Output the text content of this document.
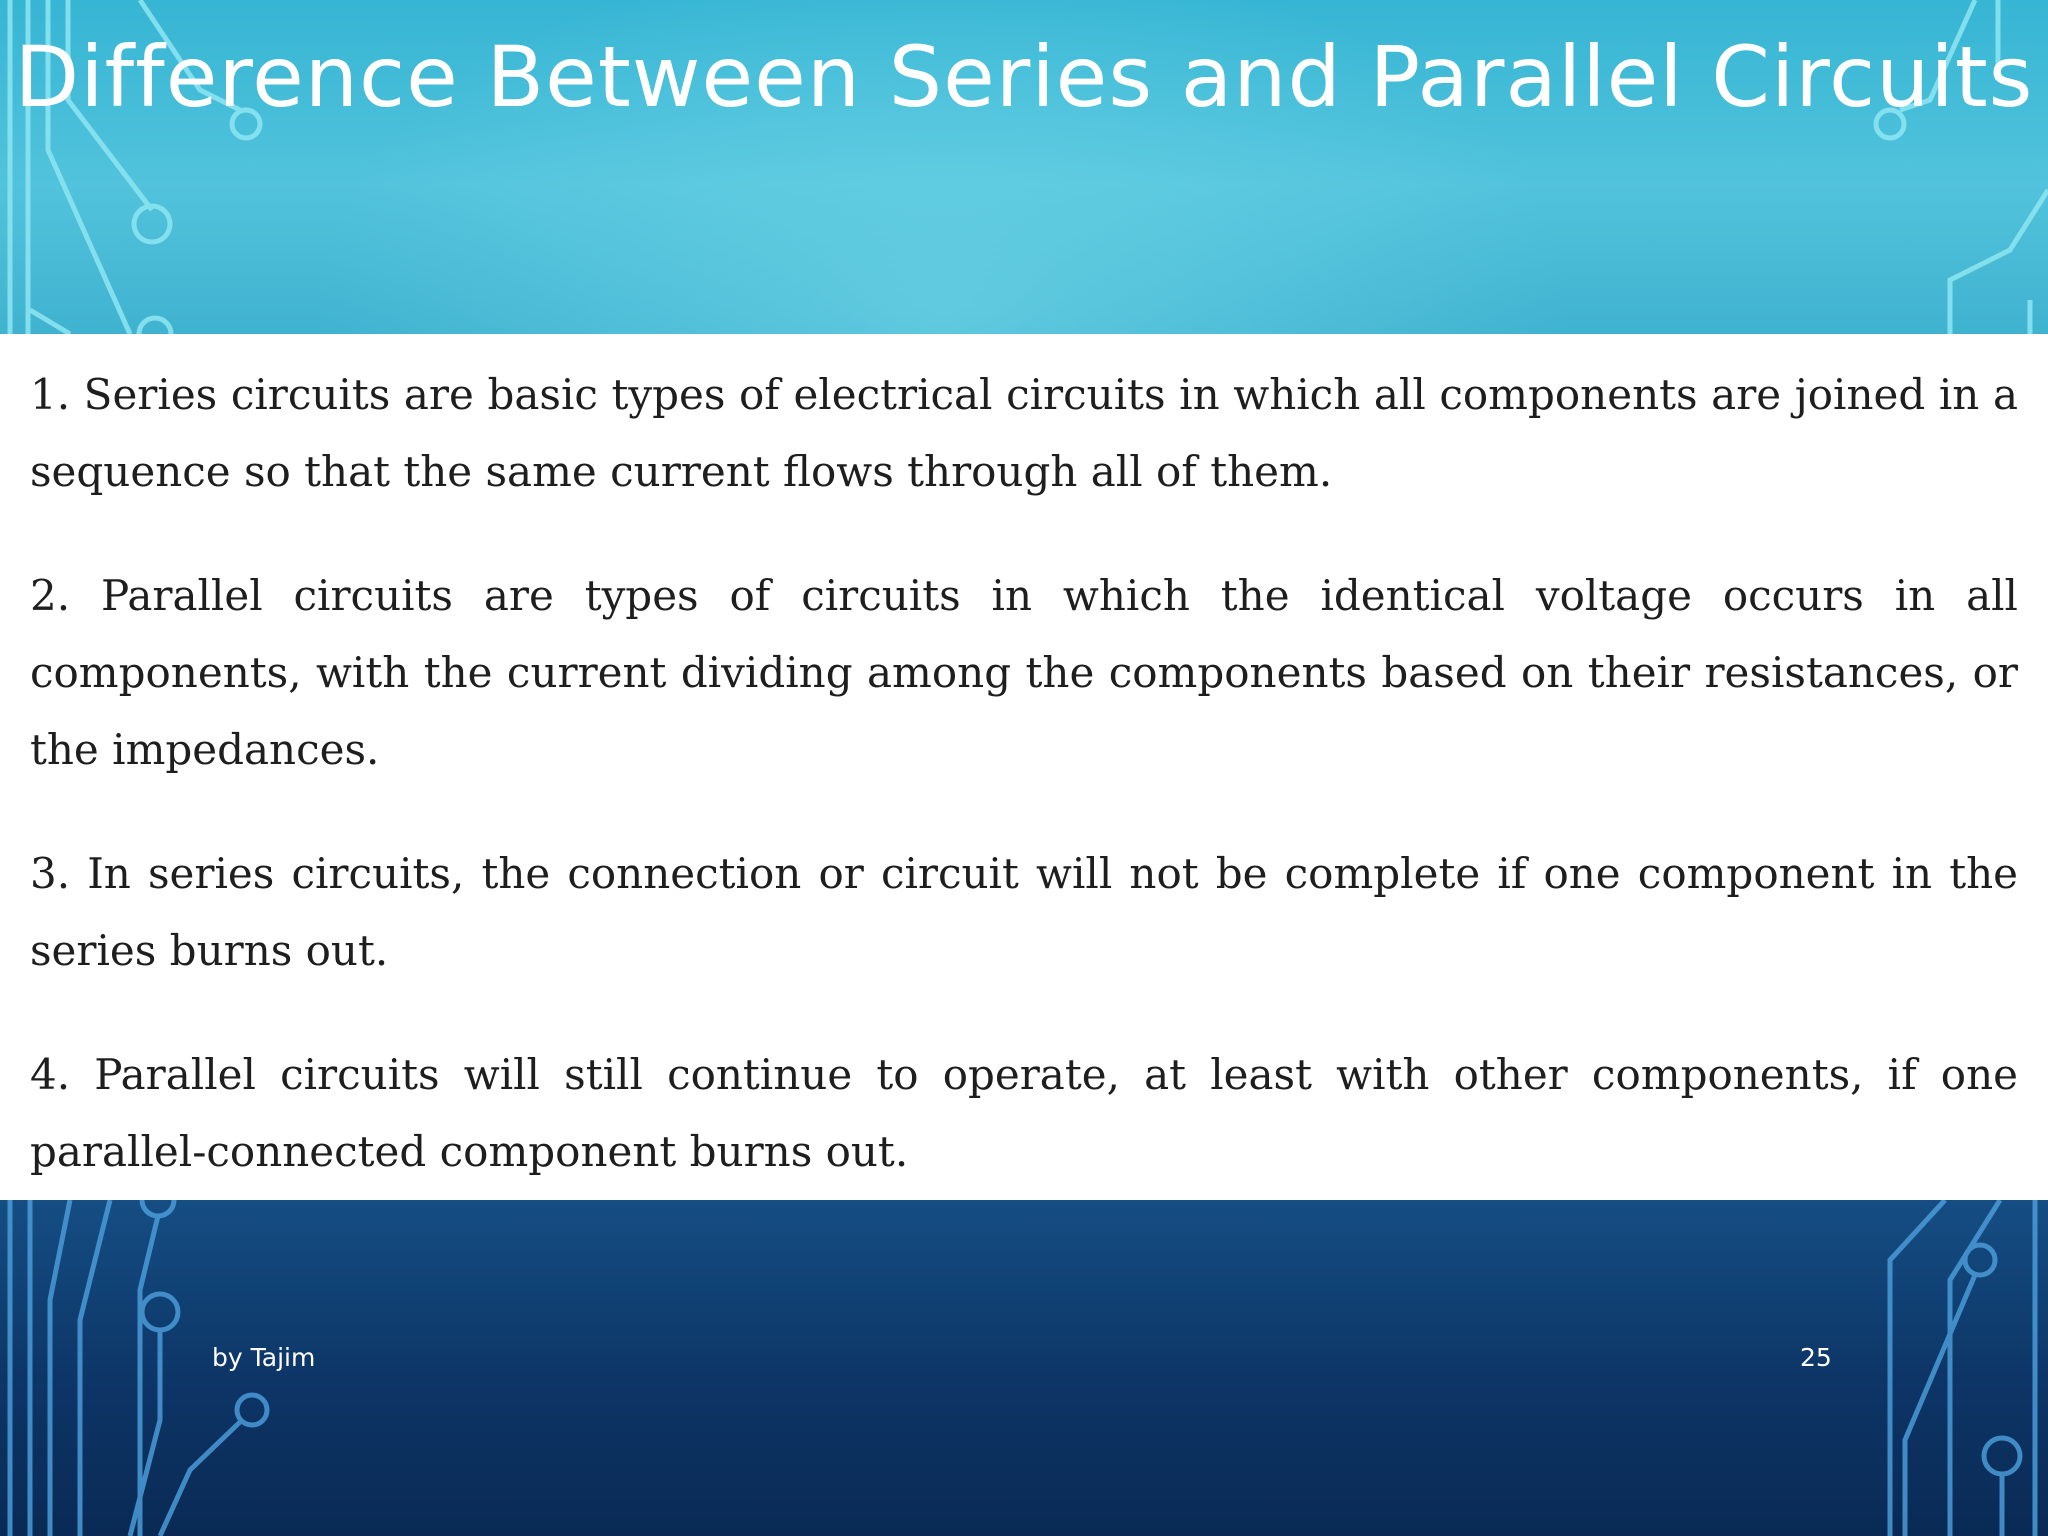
Difference Between Series and Parallel Circuits

1. Series circuits are basic types of electrical circuits in which all components are joined in a sequence so that the same current flows through all of them.

2. Parallel circuits are types of circuits in which the identical voltage occurs in all components, with the current dividing among the components based on their resistances, or the impedances.

3. In series circuits, the connection or circuit will not be complete if one component in the series burns out.

4. Parallel circuits will still continue to operate, at least with other components, if one parallel-connected component burns out.

by Tajim	25
